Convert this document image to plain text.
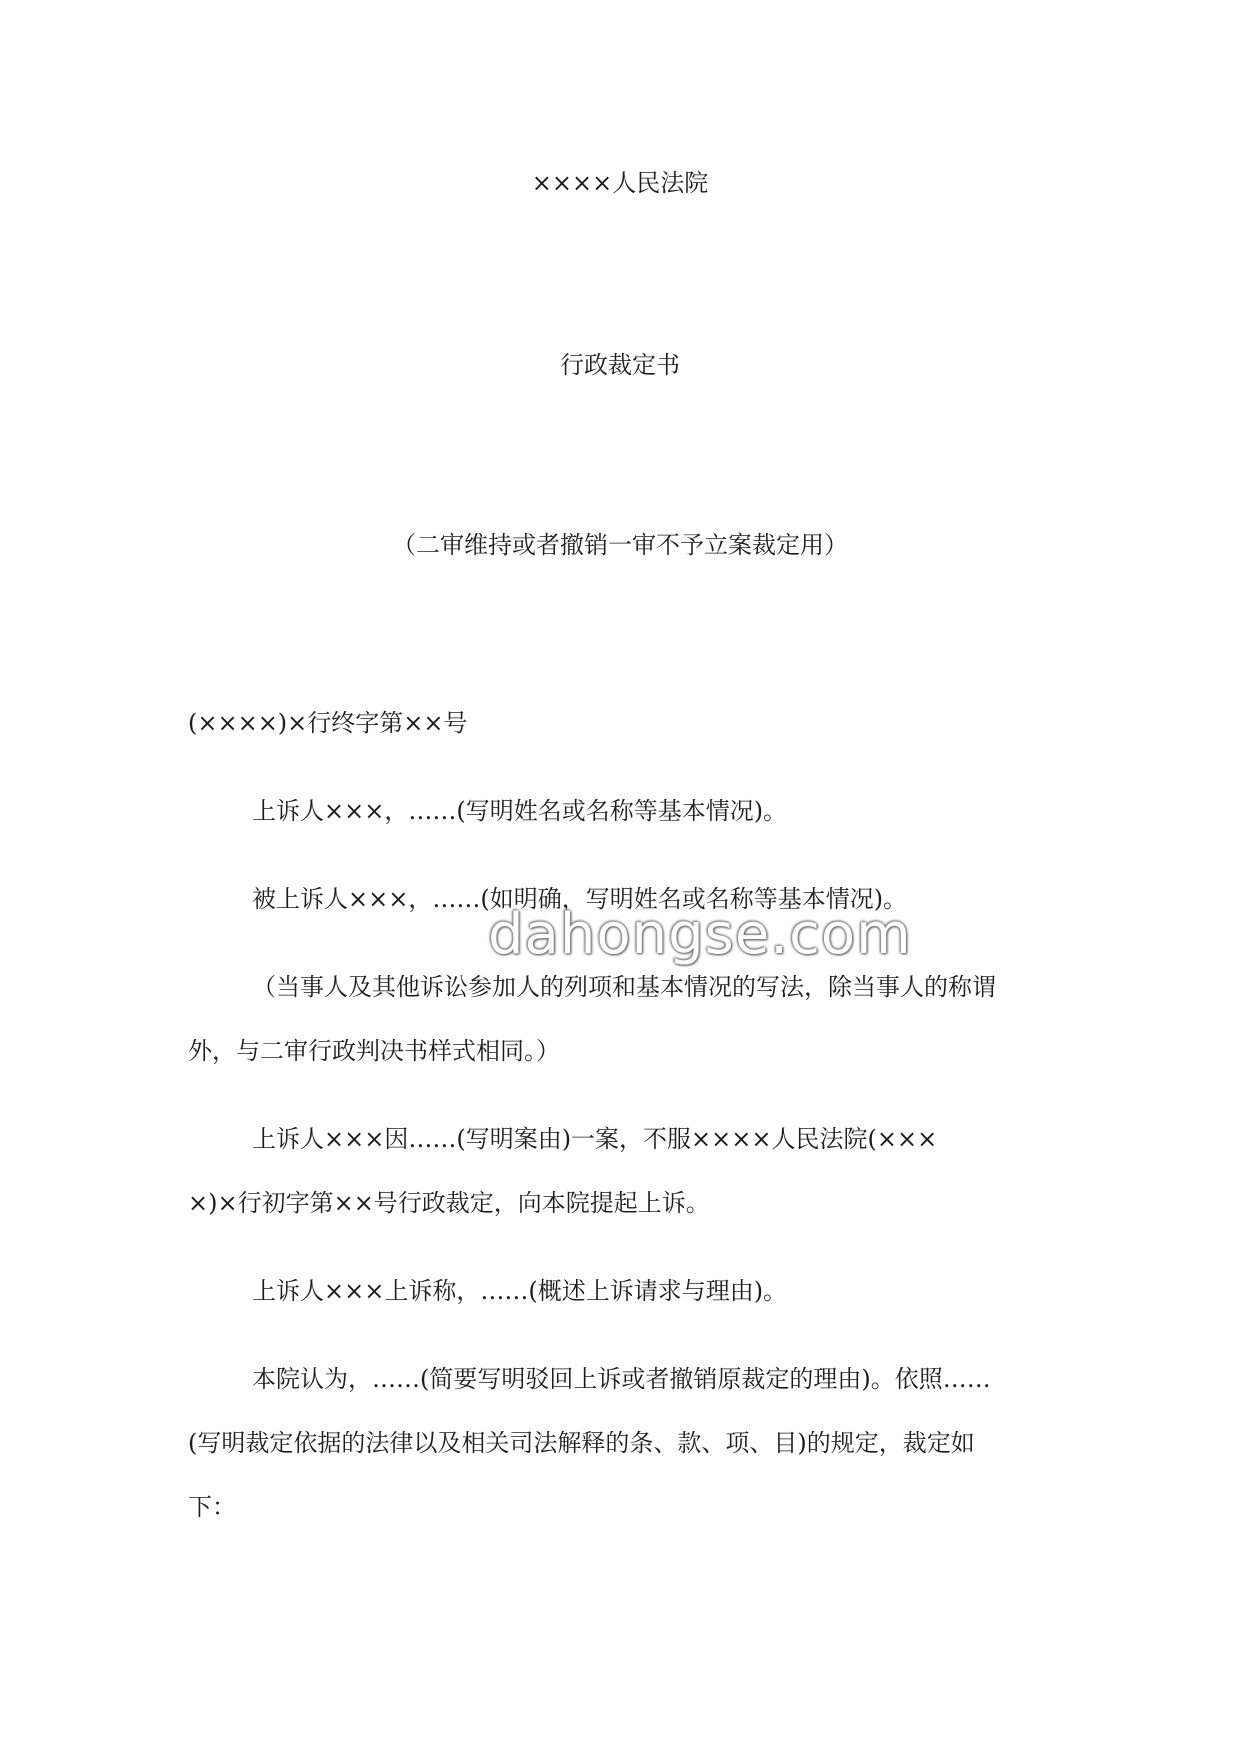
××××人民法院
行政裁定书
（二审维持或者撤销一审不予立案裁定用）
(××××)×行终字第××号
上诉人×××，……(写明姓名或名称等基本情况)。
被上诉人×××，……(如明确，写明姓名或名称等基本情况)。
（当事人及其他诉讼参加人的列项和基本情况的写法，除当事人的称谓
外，与二审行政判决书样式相同。）
上诉人×××因……(写明案由)一案，不服××××人民法院(×××
×)×行初字第××号行政裁定，向本院提起上诉。
上诉人×××上诉称，……(概述上诉请求与理由)。
本院认为，……(简要写明驳回上诉或者撤销原裁定的理由)。依照……
(写明裁定依据的法律以及相关司法解释的条、款、项、目)的规定，裁定如
下：
dahongse.com
